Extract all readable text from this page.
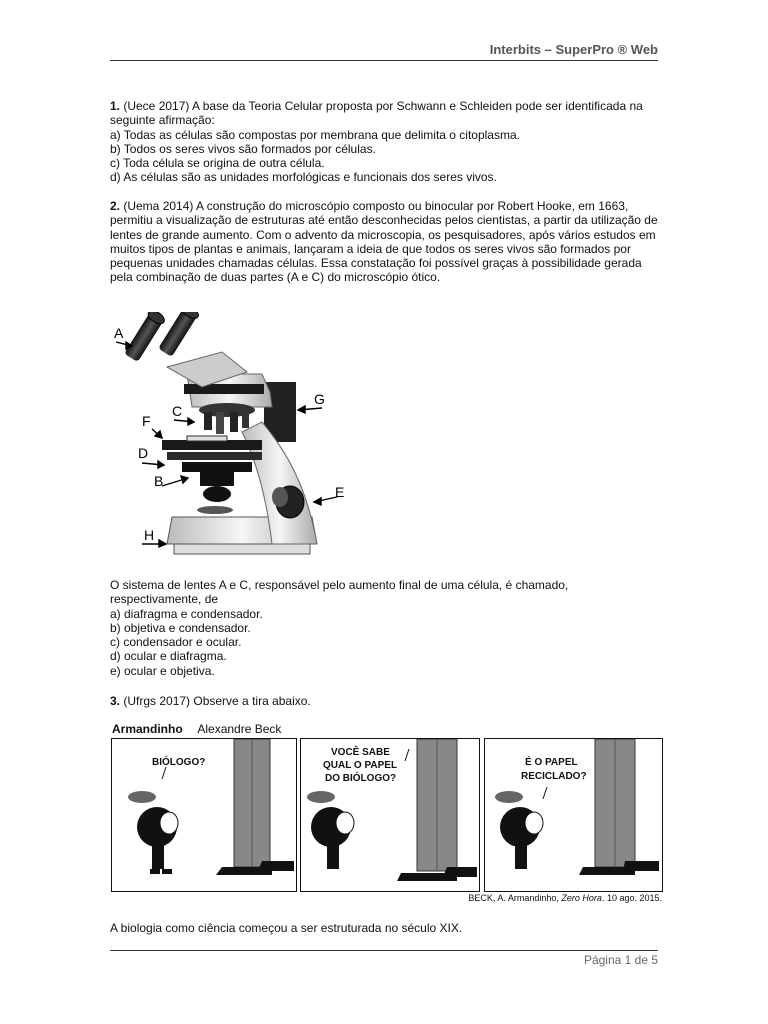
Interbits – SuperPro ® Web

1. (Uece 2017) A base da Teoria Celular proposta por Schwann e Schleiden pode ser identificada na seguinte afirmação:

a) Todas as células são compostas por membrana que delimita o citoplasma.

b) Todos os seres vivos são formados por células.

c) Toda célula se origina de outra célula.

d) As células são as unidades morfológicas e funcionais dos seres vivos.

2. (Uema 2014) A construção do microscópio composto ou binocular por Robert Hooke, em 1663, permitiu a visualização de estruturas até então desconhecidas pelos cientistas, a partir da utilização de lentes de grande aumento. Com o advento da microscopia, os pesquisadores, após vários estudos em muitos tipos de plantas e animais, lançaram a ideia de que todos os seres vivos são formados por pequenas unidades chamadas células. Essa constatação foi possível graças à possibilidade gerada pela combinação de duas partes (A e C) do microscópio ótico.

A
C
F
D
B
E
G
H

O sistema de lentes A e C, responsável pelo aumento final de uma célula, é chamado, respectivamente, de

a) diafragma e condensador.

b) objetiva e condensador.

c) condensador e ocular.

d) ocular e diafragma.

e) ocular e objetiva.

3. (Ufrgs 2017) Observe a tira abaixo.

Armandinho Alexandre Beck
BIÓLOGO?
VOCÊ SABE
QUAL O PAPEL
DO BIÓLOGO?
É O PAPEL
RECICLADO?
BECK, A. Armandinho, Zero Hora. 10 ago. 2015.
A biologia como ciência começou a ser estruturada no século XIX.
Página 1 de 5
